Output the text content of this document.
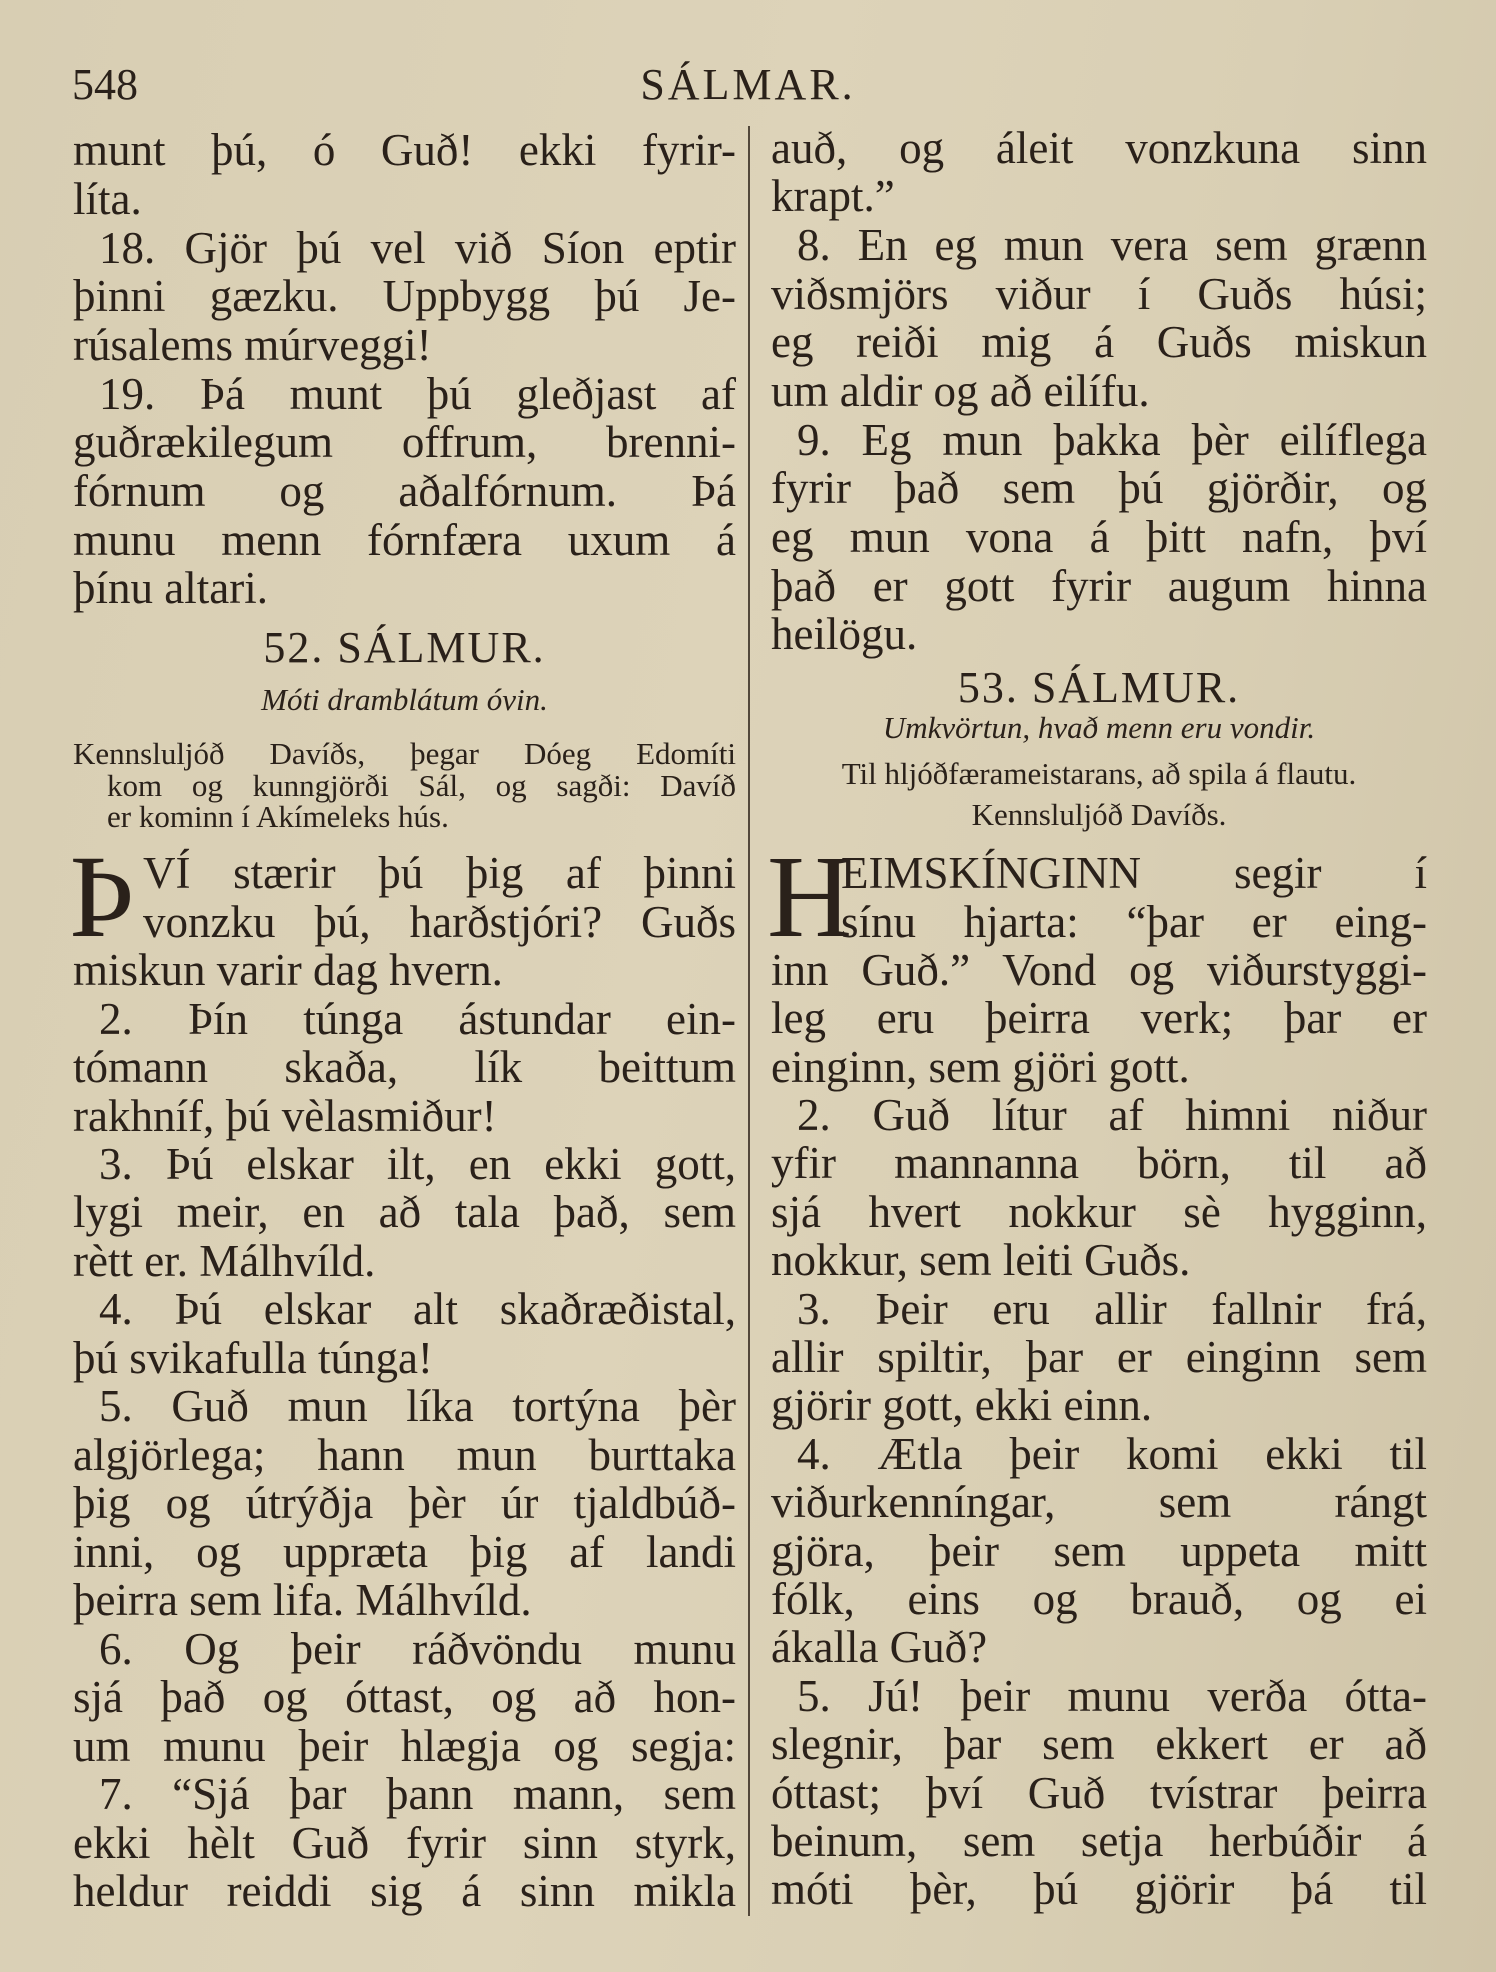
548	SÁLMAR.
munt þú, ó Guð! ekki fyrir-
líta.
18. Gjör þú vel við Síon eptir
þinni gæzku. Uppbygg þú Je-
rúsalems múrveggi!
19. Þá munt þú gleðjast af
guðrækilegum offrum, brenni-
fórnum og aðalfórnum. Þá
munu menn fórnfæra uxum á
þínu altari.
52. SÁLMUR.
Móti dramblátum óvin.
Kennsluljóð Davíðs, þegar Dóeg Edomíti
kom og kunngjörði Sál, og sagði: Davíð
er kominn í Akímeleks hús.
Þ VÍ stærir þú þig af þinni
vonzku þú, harðstjóri? Guðs
miskun varir dag hvern.
2. Þín túnga ástundar ein-
tómann skaða, lík beittum
rakhníf, þú vèlasmiður!
3. Þú elskar ilt, en ekki gott,
lygi meir, en að tala það, sem
rètt er. Málhvíld.
4. Þú elskar alt skaðræðistal,
þú svikafulla túnga!
5. Guð mun líka tortýna þèr
algjörlega; hann mun burttaka
þig og útrýðja þèr úr tjaldbúð-
inni, og uppræta þig af landi
þeirra sem lifa. Málhvíld.
6. Og þeir ráðvöndu munu
sjá það og óttast, og að hon-
um munu þeir hlægja og segja:
7. “Sjá þar þann mann, sem
ekki hèlt Guð fyrir sinn styrk,
heldur reiddi sig á sinn mikla
auð, og áleit vonzkuna sinn
krapt.”
8. En eg mun vera sem grænn
viðsmjörs viður í Guðs húsi;
eg reiði mig á Guðs miskun
um aldir og að eilífu.
9. Eg mun þakka þèr eilíflega
fyrir það sem þú gjörðir, og
eg mun vona á þitt nafn, því
það er gott fyrir augum hinna
heilögu.
53. SÁLMUR.
Umkvörtun, hvað menn eru vondir.
Til hljóðfærameistarans, að spila á flautu.
Kennsluljóð Davíðs.
H
EIMSKÍNGINN segir í
sínu hjarta: “þar er eing-
inn Guð.” Vond og viðurstyggi-
leg eru þeirra verk; þar er
einginn, sem gjöri gott.
2. Guð lítur af himni niður
yfir mannanna börn, til að
sjá hvert nokkur sè hygginn,
nokkur, sem leiti Guðs.
3. Þeir eru allir fallnir frá,
allir spiltir, þar er einginn sem
gjörir gott, ekki einn.
4. Ætla þeir komi ekki til
viðurkenníngar, sem rángt
gjöra, þeir sem uppeta mitt
fólk, eins og brauð, og ei
ákalla Guð?
5. Jú! þeir munu verða ótta-
slegnir, þar sem ekkert er að
óttast; því Guð tvístrar þeirra
beinum, sem setja herbúðir á
móti þèr, þú gjörir þá til
